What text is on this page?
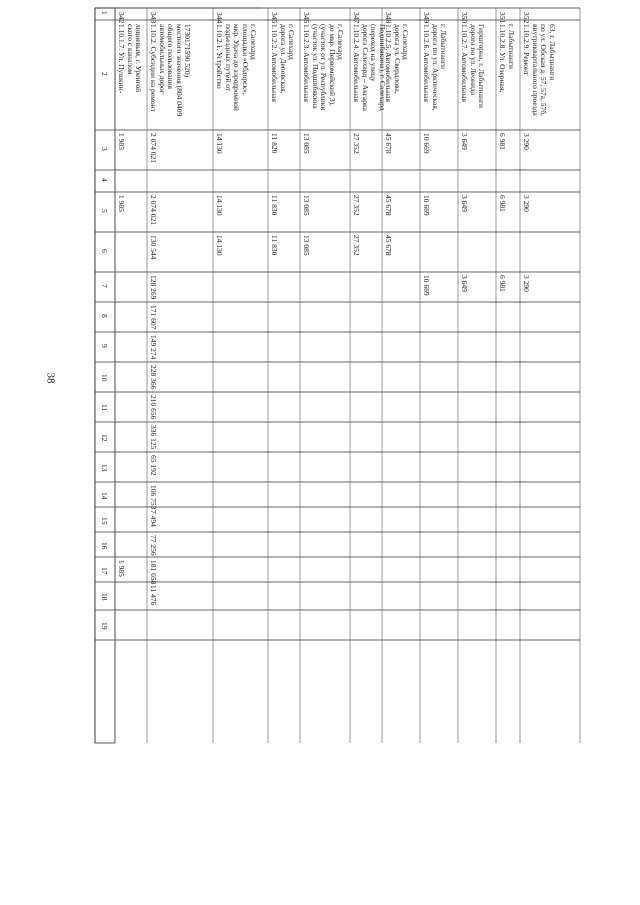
38
1
2
3
4
5
6
7
8
9
10
11
12
13
14
15
16
17
18
19
342
1.10.1.7. Ул. Пушкин- ского с каналом ливневым, г. Уренгой
1 985
1 985
1 985
343
1.10.2. Субсидии на ремонт автомобильных дорог общего пользования местного значения (804 0409 1730171590 520)
2 074 021
2 074 021
130 544
128 269
171 607
149 274
228 366
210 656
336 125
65 192
106 753
7 494
77 256
181 058
11 476
344
1.10.2.1. Устройство подъездных путей от мкр. Удача до аэродромной площадки «Обдорск», г. Салехард
14 130
14 130
14 130
345
1.10.2.2. Автомобильная дорога ул. Деповская, г. Салехард
11 820
11 830
11 830
346
1.10.2.3. Автомобильная (участок ул. Подшибякина (участок от ул. Республики до мкр. Первомайский 3), г. Салехард
13 085
13 085
13 085
347
1.10.2.4. Автомобильная дорога Салехард – Аксарка (переход на улицу Подшибякина), г. Салехард
27 352
27 352
27 352
348
1.10.2.5. Автомобильная дорога ул. Свердлова, г. Салехард
45 678
45 678
45 678
349
1.10.2.6. Автомобильная дорога по ул. Арктическая, г. Лабытнанги
10 669
10 669
10 669
350
1.10.2.7. Автомобильная дорога по ул. Леонида Гиршгорна, г. Лабытнанги
3 649
3 649
3 649
351
1.10.2.8. Ул. Озерная, г. Лабытнанги
6 981
6 981
6 981
352
1.10.2.9. Ремонт внутриквартального проезда по ул. Обская д. 57, 57а, 57б, 63, г. Лабытнанги
3 290
3 290
3 290
